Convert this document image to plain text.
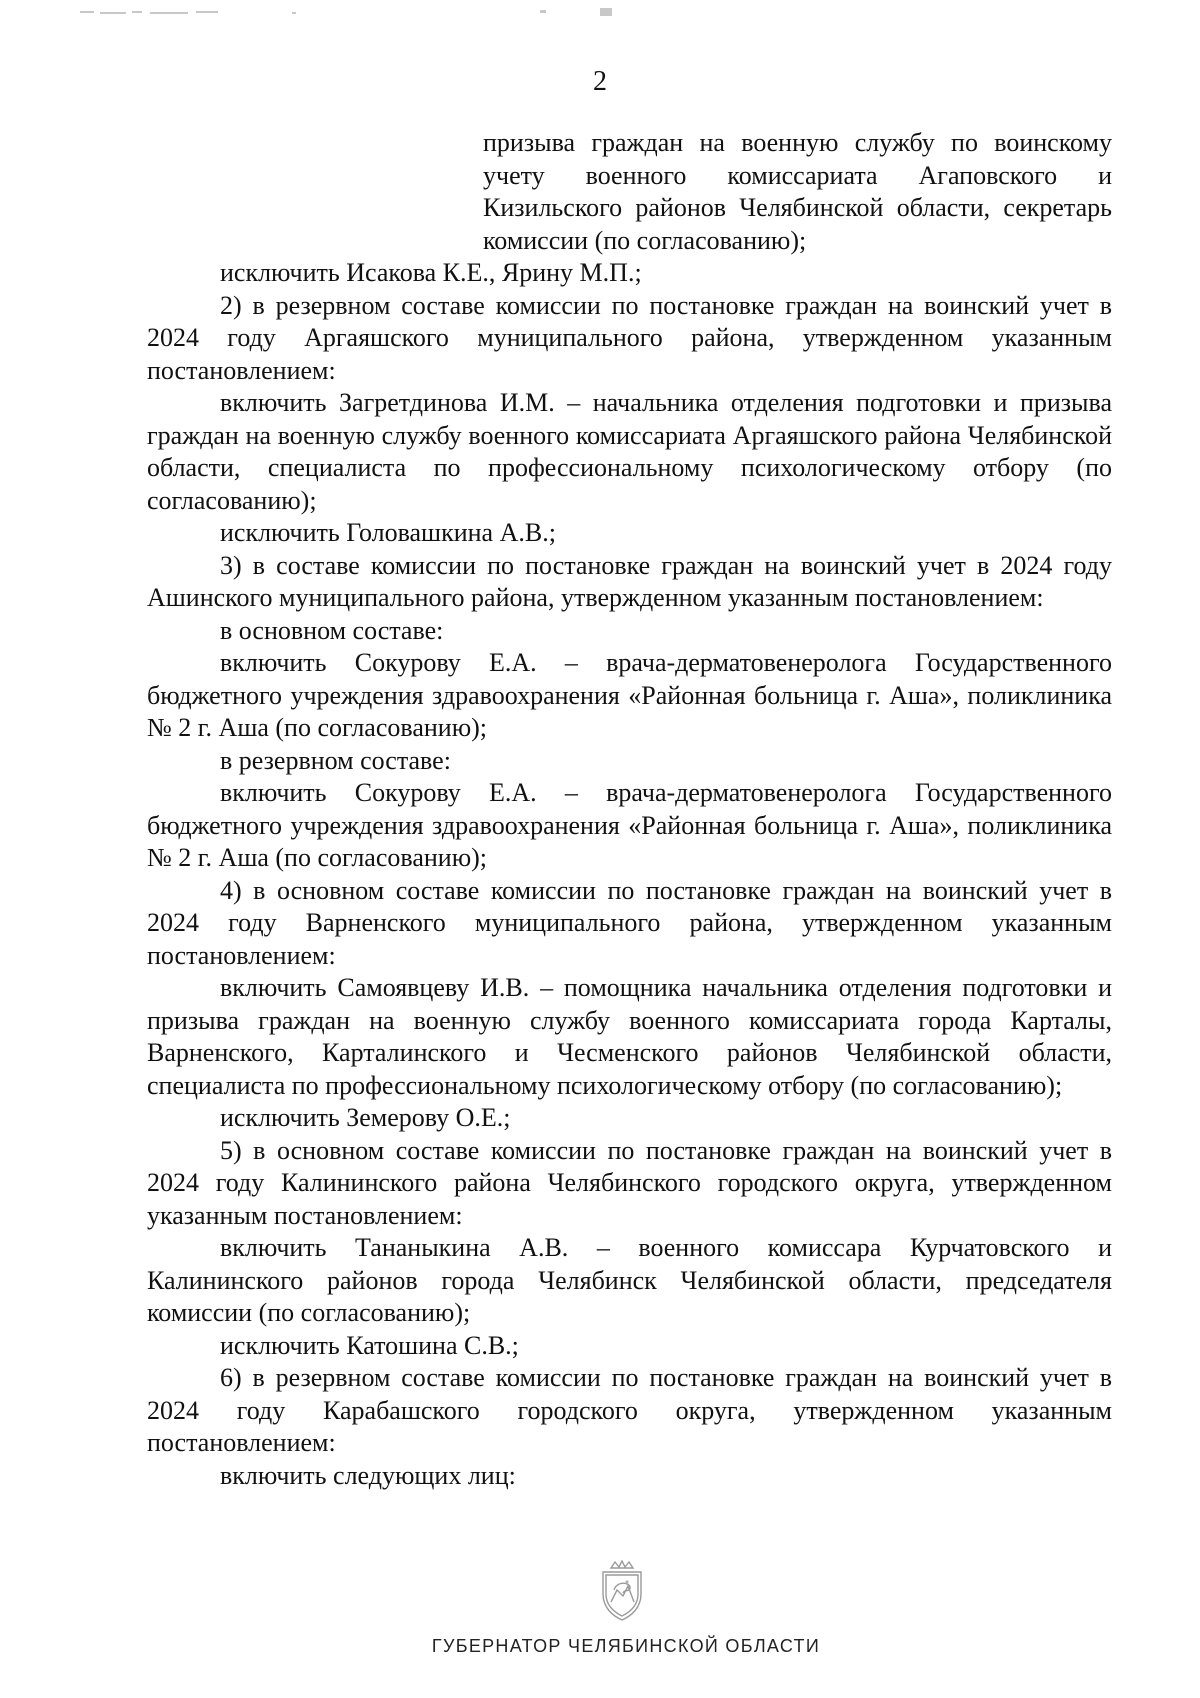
2
призыва граждан на военную службу по воинскому учету военного комиссариата Агаповского и Кизильского районов Челябинской области, секретарь комиссии (по согласованию);

исключить Исакова К.Е., Ярину М.П.;

2) в резервном составе комиссии по постановке граждан на воинский учет в 2024 году Аргаяшского муниципального района, утвержденном указанным постановлением:

включить Загретдинова И.М. – начальника отделения подготовки и призыва граждан на военную службу военного комиссариата Аргаяшского района Челябинской области, специалиста по профессиональному психологическому отбору (по согласованию);

исключить Головашкина А.В.;

3) в составе комиссии по постановке граждан на воинский учет в 2024 году Ашинского муниципального района, утвержденном указанным постановлением:

в основном составе:

включить Сокурову Е.А. – врача-дерматовенеролога Государственного бюджетного учреждения здравоохранения «Районная больница г. Аша», поликлиника № 2 г. Аша (по согласованию);

в резервном составе:

включить Сокурову Е.А. – врача-дерматовенеролога Государственного бюджетного учреждения здравоохранения «Районная больница г. Аша», поликлиника № 2 г. Аша (по согласованию);

4) в основном составе комиссии по постановке граждан на воинский учет в 2024 году Варненского муниципального района, утвержденном указанным постановлением:

включить Самоявцеву И.В. – помощника начальника отделения подготовки и призыва граждан на военную службу военного комиссариата города Карталы, Варненского, Карталинского и Чесменского районов Челябинской области, специалиста по профессиональному психологическому отбору (по согласованию);

исключить Земерову О.Е.;

5) в основном составе комиссии по постановке граждан на воинский учет в 2024 году Калининского района Челябинского городского округа, утвержденном указанным постановлением:

включить Тананыкина А.В. – военного комиссара Курчатовского и Калининского районов города Челябинск Челябинской области, председателя комиссии (по согласованию);

исключить Катошина С.В.;

6) в резервном составе комиссии по постановке граждан на воинский учет в 2024 году Карабашского городского округа, утвержденном указанным постановлением:

включить следующих лиц:

ГУБЕРНАТОР ЧЕЛЯБИНСКОЙ ОБЛАСТИ
